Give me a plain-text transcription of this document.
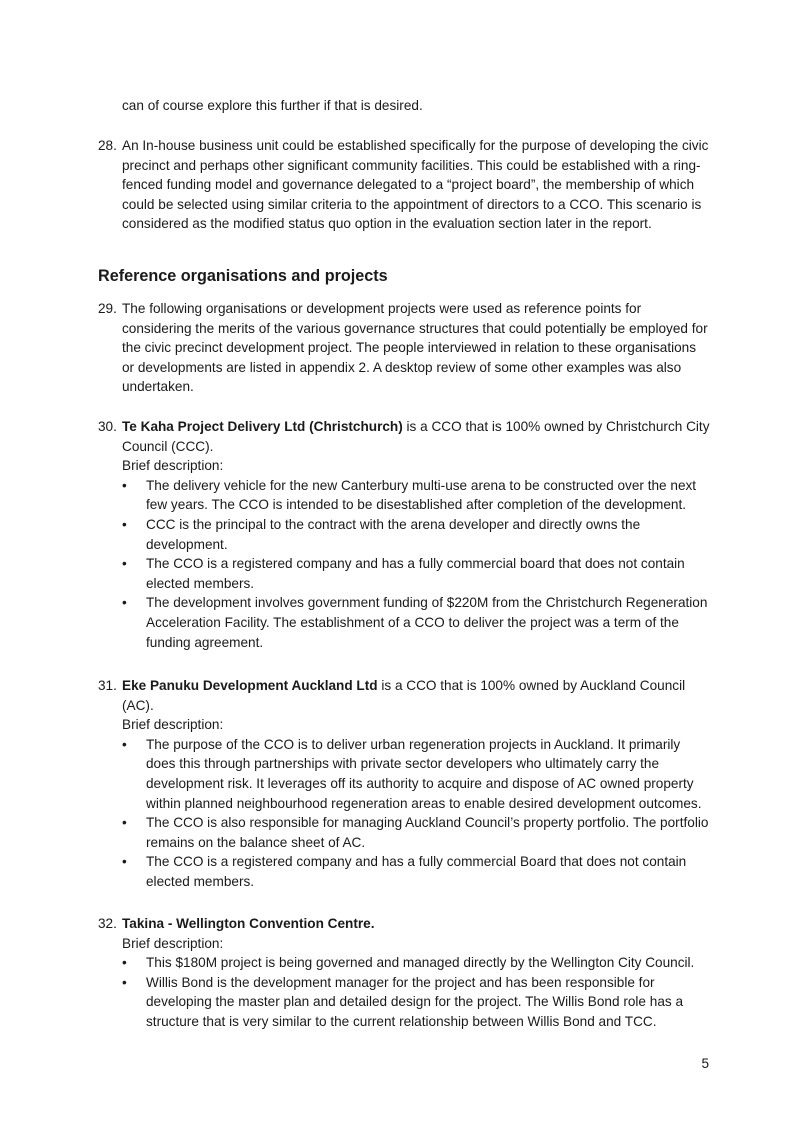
can of course explore this further if that is desired.
28. An In-house business unit could be established specifically for the purpose of developing the civic precinct and perhaps other significant community facilities. This could be established with a ring-fenced funding model and governance delegated to a “project board”, the membership of which could be selected using similar criteria to the appointment of directors to a CCO. This scenario is considered as the modified status quo option in the evaluation section later in the report.
Reference organisations and projects
29. The following organisations or development projects were used as reference points for considering the merits of the various governance structures that could potentially be employed for the civic precinct development project. The people interviewed in relation to these organisations or developments are listed in appendix 2. A desktop review of some other examples was also undertaken.
30. Te Kaha Project Delivery Ltd (Christchurch) is a CCO that is 100% owned by Christchurch City Council (CCC).
Brief description:
•	The delivery vehicle for the new Canterbury multi-use arena to be constructed over the next few years. The CCO is intended to be disestablished after completion of the development.
•	CCC is the principal to the contract with the arena developer and directly owns the development.
•	The CCO is a registered company and has a fully commercial board that does not contain elected members.
•	The development involves government funding of $220M from the Christchurch Regeneration Acceleration Facility. The establishment of a CCO to deliver the project was a term of the funding agreement.
31. Eke Panuku Development Auckland Ltd is a CCO that is 100% owned by Auckland Council (AC).
Brief description:
•	The purpose of the CCO is to deliver urban regeneration projects in Auckland. It primarily does this through partnerships with private sector developers who ultimately carry the development risk. It leverages off its authority to acquire and dispose of AC owned property within planned neighbourhood regeneration areas to enable desired development outcomes.
•	The CCO is also responsible for managing Auckland Council’s property portfolio. The portfolio remains on the balance sheet of AC.
•	The CCO is a registered company and has a fully commercial Board that does not contain elected members.
32. Takina - Wellington Convention Centre.
Brief description:
•	This $180M project is being governed and managed directly by the Wellington City Council.
•	Willis Bond is the development manager for the project and has been responsible for developing the master plan and detailed design for the project. The Willis Bond role has a structure that is very similar to the current relationship between Willis Bond and TCC.
5
